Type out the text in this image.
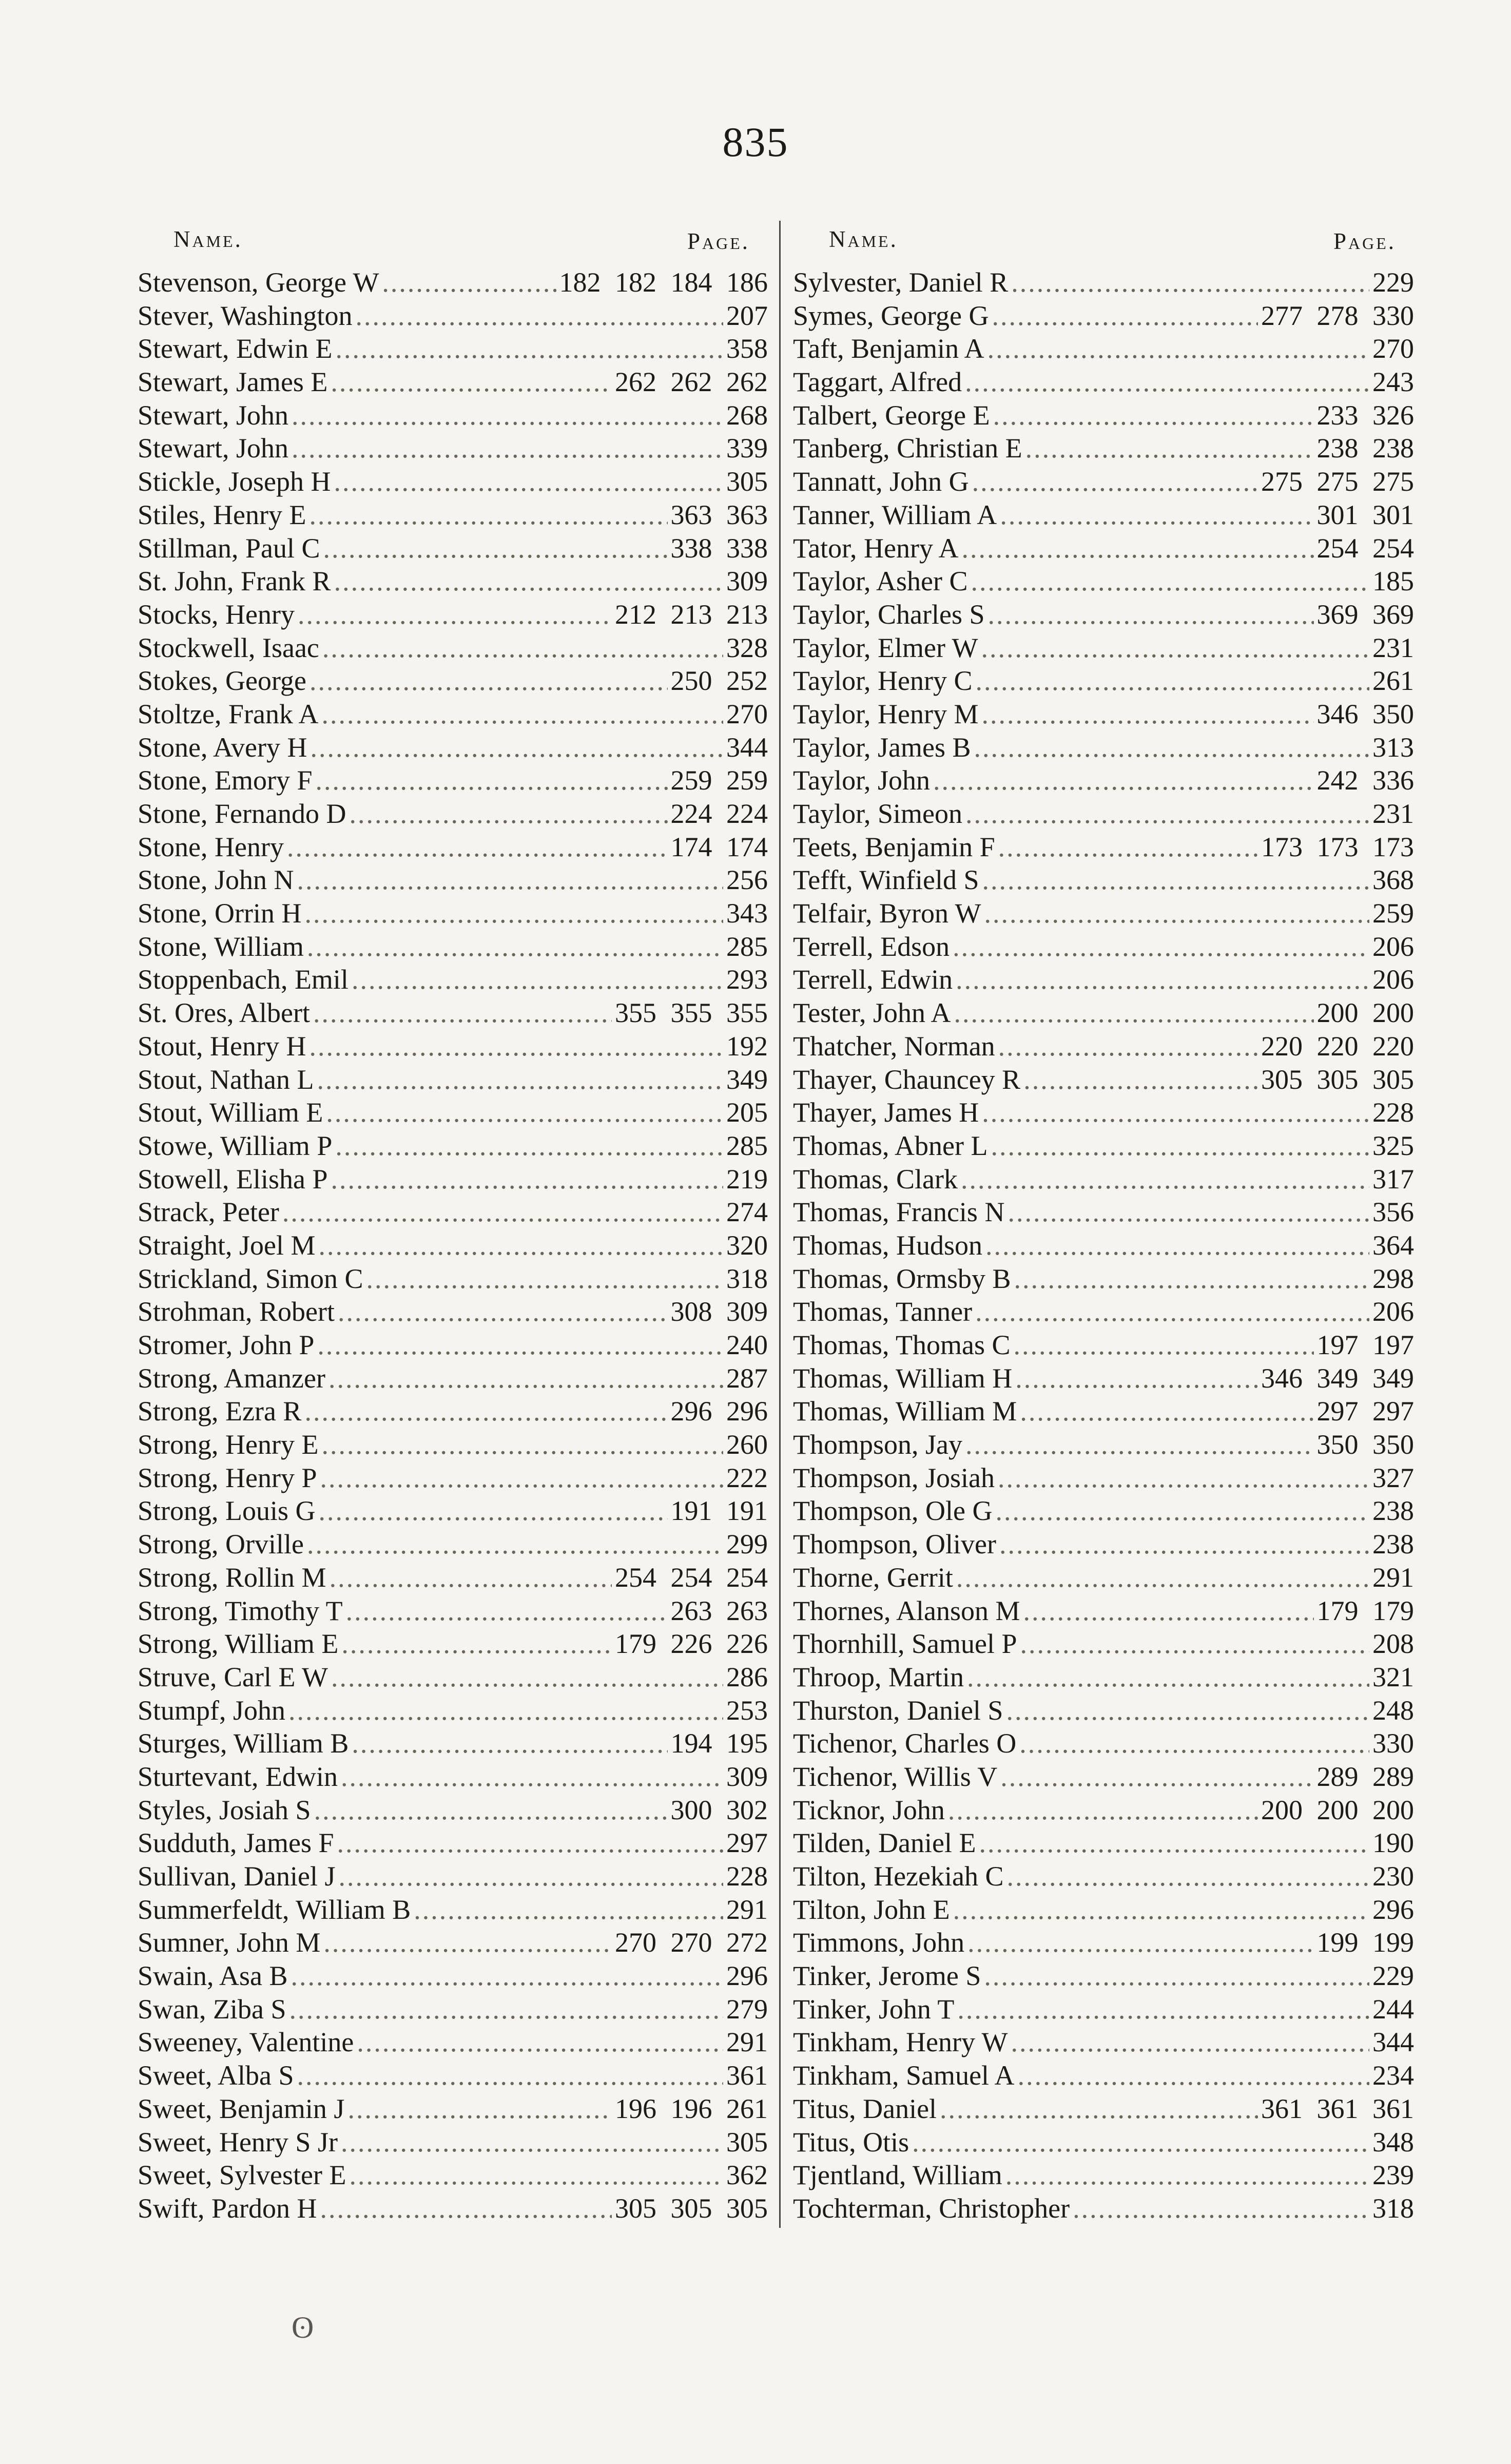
835
Name.	Page.
Stevenson, George W .....	182 182 184 186
Stever, Washington .....	207
Stewart, Edwin E .....	358
Stewart, James E .....	262 262 262
Stewart, John .....	268
Stewart, John .....	339
Stickle, Joseph H .....	305
Stiles, Henry E .....	363 363
Stillman, Paul C .....	338 338
St. John, Frank R .....	309
Stocks, Henry .....	212 213 213
Stockwell, Isaac .....	328
Stokes, George .....	250 252
Stoltze, Frank A .....	270
Stone, Avery H .....	344
Stone, Emory F .....	259 259
Stone, Fernando D .....	224 224
Stone, Henry .....	174 174
Stone, John N .....	256
Stone, Orrin H .....	343
Stone, William .....	285
Stoppenbach, Emil .....	293
St. Ores, Albert .....	355 355 355
Stout, Henry H .....	192
Stout, Nathan L .....	349
Stout, William E .....	205
Stowe, William P .....	285
Stowell, Elisha P .....	219
Strack, Peter .....	274
Straight, Joel M .....	320
Strickland, Simon C .....	318
Strohman, Robert .....	308 309
Stromer, John P .....	240
Strong, Amanzer .....	287
Strong, Ezra R .....	296 296
Strong, Henry E .....	260
Strong, Henry P .....	222
Strong, Louis G .....	191 191
Strong, Orville .....	299
Strong, Rollin M .....	254 254 254
Strong, Timothy T .....	263 263
Strong, William E .....	179 226 226
Struve, Carl E W .....	286
Stumpf, John .....	253
Sturges, William B .....	194 195
Sturtevant, Edwin .....	309
Styles, Josiah S .....	300 302
Sudduth, James F .....	297
Sullivan, Daniel J .....	228
Summerfeldt, William B .....	291
Sumner, John M .....	270 270 272
Swain, Asa B .....	296
Swan, Ziba S .....	279
Sweeney, Valentine .....	291
Sweet, Alba S .....	361
Sweet, Benjamin J .....	196 196 261
Sweet, Henry S Jr .....	305
Sweet, Sylvester E .....	362
Swift, Pardon H .....	305 305 305
Name.	Page.
Sylvester, Daniel R .....	229
Symes, George G .....	277 278 330
Taft, Benjamin A .....	270
Taggart, Alfred .....	243
Talbert, George E .....	233 326
Tanberg, Christian E .....	238 238
Tannatt, John G .....	275 275 275
Tanner, William A .....	301 301
Tator, Henry A .....	254 254
Taylor, Asher C .....	185
Taylor, Charles S .....	369 369
Taylor, Elmer W .....	231
Taylor, Henry C .....	261
Taylor, Henry M .....	346 350
Taylor, James B .....	313
Taylor, John .....	242 336
Taylor, Simeon .....	231
Teets, Benjamin F .....	173 173 173
Tefft, Winfield S .....	368
Telfair, Byron W .....	259
Terrell, Edson .....	206
Terrell, Edwin .....	206
Tester, John A .....	200 200
Thatcher, Norman .....	220 220 220
Thayer, Chauncey R .....	305 305 305
Thayer, James H .....	228
Thomas, Abner L .....	325
Thomas, Clark .....	317
Thomas, Francis N .....	356
Thomas, Hudson .....	364
Thomas, Ormsby B .....	298
Thomas, Tanner .....	206
Thomas, Thomas C .....	197 197
Thomas, William H .....	346 349 349
Thomas, William M .....	297 297
Thompson, Jay .....	350 350
Thompson, Josiah .....	327
Thompson, Ole G .....	238
Thompson, Oliver .....	238
Thorne, Gerrit .....	291
Thornes, Alanson M .....	179 179
Thornhill, Samuel P .....	208
Throop, Martin .....	321
Thurston, Daniel S .....	248
Tichenor, Charles O .....	330
Tichenor, Willis V .....	289 289
Ticknor, John .....	200 200 200
Tilden, Daniel E .....	190
Tilton, Hezekiah C .....	230
Tilton, John E .....	296
Timmons, John .....	199 199
Tinker, Jerome S .....	229
Tinker, John T .....	244
Tinkham, Henry W .....	344
Tinkham, Samuel A .....	234
Titus, Daniel .....	361 361 361
Titus, Otis .....	348
Tjentland, William .....	239
Tochterman, Christopher .....	318
ʘ
